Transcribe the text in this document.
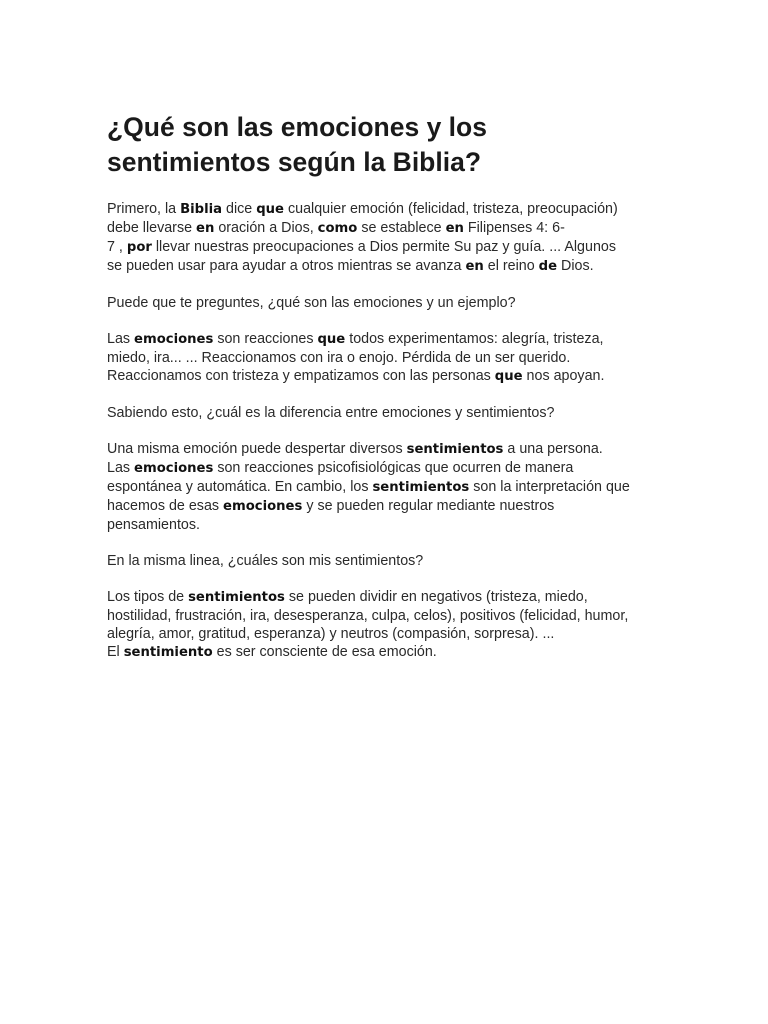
¿Qué son las emociones y los
sentimientos según la Biblia?

Primero, la Biblia dice que cualquier emoción (felicidad, tristeza, preocupación)
debe llevarse en oración a Dios, como se establece en Filipenses 4: 6-
7 , por llevar nuestras preocupaciones a Dios permite Su paz y guía. ... Algunos
se pueden usar para ayudar a otros mientras se avanza en el reino de Dios.

Puede que te preguntes, ¿qué son las emociones y un ejemplo?

Las emociones son reacciones que todos experimentamos: alegría, tristeza,
miedo, ira... ... Reaccionamos con ira o enojo. Pérdida de un ser querido.
Reaccionamos con tristeza y empatizamos con las personas que nos apoyan.

Sabiendo esto, ¿cuál es la diferencia entre emociones y sentimientos?

Una misma emoción puede despertar diversos sentimientos a una persona.
Las emociones son reacciones psicofisiológicas que ocurren de manera
espontánea y automática. En cambio, los sentimientos son la interpretación que
hacemos de esas emociones y se pueden regular mediante nuestros
pensamientos.

En la misma linea, ¿cuáles son mis sentimientos?

Los tipos de sentimientos se pueden dividir en negativos (tristeza, miedo,
hostilidad, frustración, ira, desesperanza, culpa, celos), positivos (felicidad, humor,
alegría, amor, gratitud, esperanza) y neutros (compasión, sorpresa). ...
El sentimiento es ser consciente de esa emoción.
